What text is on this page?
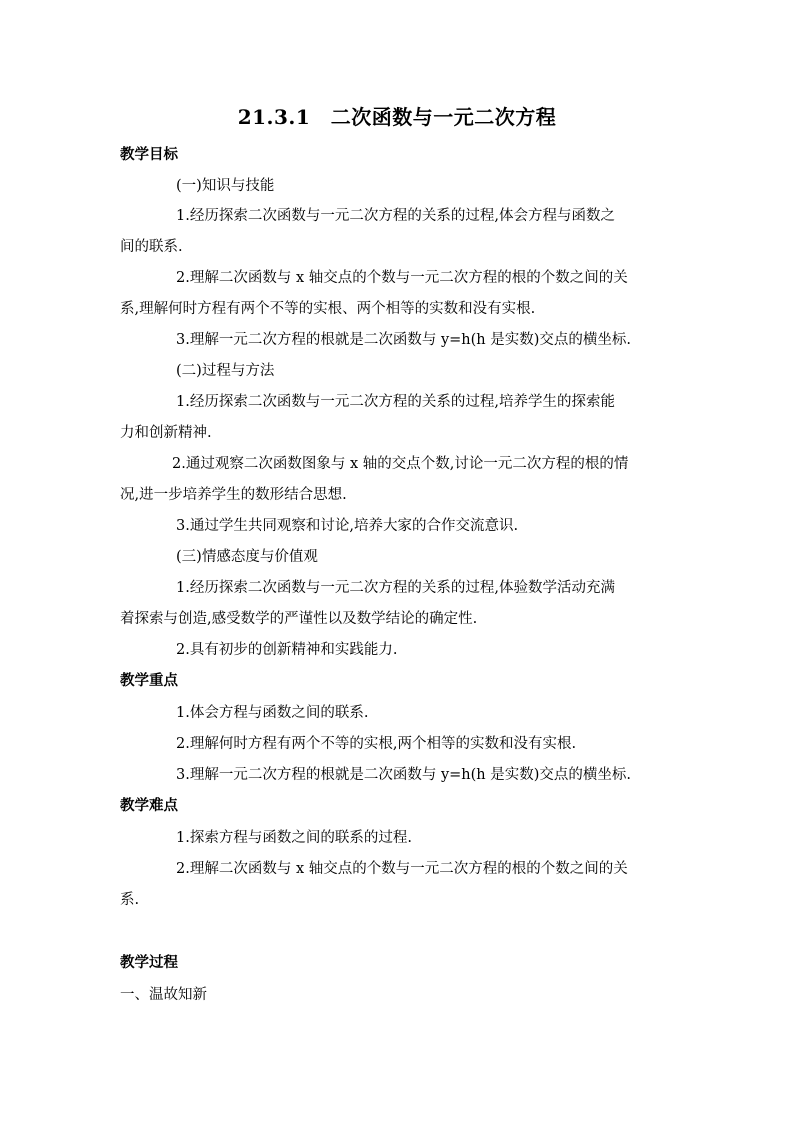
21.3.1　二次函数与一元二次方程
教学目标
(一)知识与技能
1.经历探索二次函数与一元二次方程的关系的过程,体会方程与函数之
间的联系.
2.理解二次函数与 x 轴交点的个数与一元二次方程的根的个数之间的关
系,理解何时方程有两个不等的实根、两个相等的实数和没有实根.
3.理解一元二次方程的根就是二次函数与 y=h(h 是实数)交点的横坐标.
(二)过程与方法
1.经历探索二次函数与一元二次方程的关系的过程,培养学生的探索能
力和创新精神.
2.通过观察二次函数图象与 x 轴的交点个数,讨论一元二次方程的根的情
况,进一步培养学生的数形结合思想.
3.通过学生共同观察和讨论,培养大家的合作交流意识.
(三)情感态度与价值观
1.经历探索二次函数与一元二次方程的关系的过程,体验数学活动充满
着探索与创造,感受数学的严谨性以及数学结论的确定性.
2.具有初步的创新精神和实践能力.
教学重点
1.体会方程与函数之间的联系.
2.理解何时方程有两个不等的实根,两个相等的实数和没有实根.
3.理解一元二次方程的根就是二次函数与 y=h(h 是实数)交点的横坐标.
教学难点
1.探索方程与函数之间的联系的过程.
2.理解二次函数与 x 轴交点的个数与一元二次方程的根的个数之间的关
系.
教学过程
一、温故知新
